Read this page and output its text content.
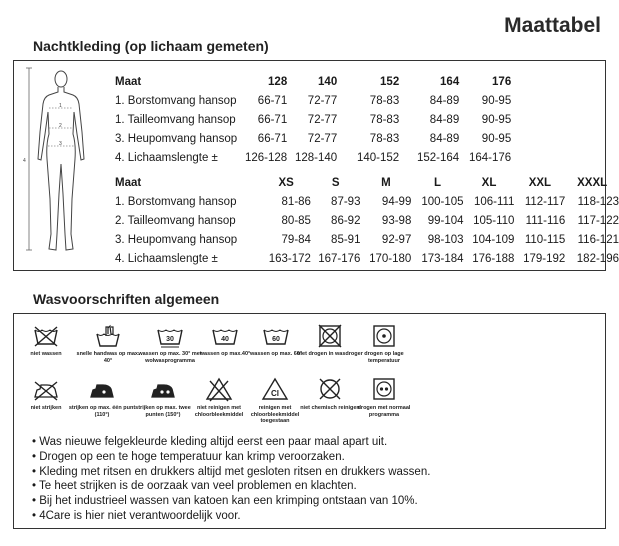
Maattabel
Nachtkleding (op lichaam gemeten)
1
2
3
4
Maat	128	140	152	164	176
1. Borstomvang hansop	66-71	72-77	78-83	84-89	90-95
1. Tailleomvang hansop	66-71	72-77	78-83	84-89	90-95
3. Heupomvang hansop	66-71	72-77	78-83	84-89	90-95
4. Lichaamslengte ±	126-128	128-140	140-152	152-164	164-176
Maat	XS	S	M	L	XL	XXL	XXXL
1. Borstomvang hansop	81-86	87-93	94-99	100-105	106-111	112-117	118-123
2. Tailleomvang hansop	80-85	86-92	93-98	99-104	105-110	111-116	117-122
3. Heupomvang hansop	79-84	85-91	92-97	98-103	104-109	110-115	116-121
4. Lichaamslengte ±	163-172	167-176	170-180	173-184	176-188	179-192	182-196
Wasvoorschriften algemeen
niet wassen	snelle handwas op max. 40°
30
wassen op max. 30° met wolwasprogramma
40
wassen op max.40°
60
wassen op max. 60°
niet drogen in wasdroger drogen op lage temperatuur
niet strijken	strijken op max. één punt (110°)
strijken op max. twee punten (150°)
niet reinigen met chloorbleekmiddel
Cl
reinigen met chloorbleekmiddel toegestaan
niet chemisch reinigen
drogen met normaal programma
• Was nieuwe felgekleurde kleding altijd eerst een paar maal apart uit.
• Drogen op een te hoge temperatuur kan krimp veroorzaken.
• Kleding met ritsen en drukkers altijd met gesloten ritsen en drukkers wassen.
• Te heet strijken is de oorzaak van veel problemen en klachten.
• Bij het industrieel wassen van katoen kan een krimping ontstaan van 10%.
• 4Care is hier niet verantwoordelijk voor.
